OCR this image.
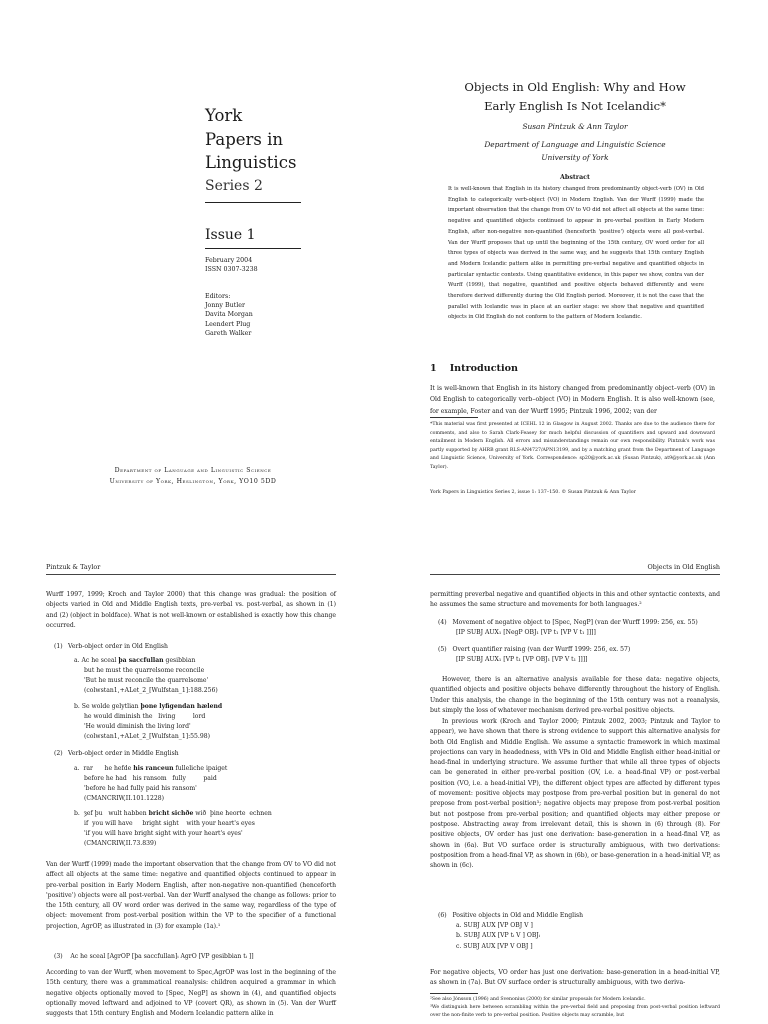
York
Papers in
Linguistics
Series 2
Issue 1
February 2004
ISSN 0307-3238
Editors:
Jonny Butler
Davita Morgan
Leendert Plug
Gareth Walker
Department of Language and Linguistic Science
University of York, Heslington, York, YO10 5DD
Objects in Old English: Why and How
Early English Is Not Icelandic*
Susan Pintzuk & Ann Taylor
Department of Language and Linguistic Science
University of York
Abstract
It is well-known that English in its history changed from predominantly object-verb (OV) in Old English to categorically verb-object (VO) in Modern English. Van der Wurff (1999) made the important observation that the change from OV to VO did not affect all objects at the same time: negative and quantified objects continued to appear in pre-verbal position in Early Modern English, after non-negative non-quantified (henceforth 'positive') objects were all post-verbal. Van der Wurff proposes that up until the beginning of the 15th century, OV word order for all three types of objects was derived in the same way, and he suggests that 15th century English and Modern Icelandic pattern alike in permitting pre-verbal negative and quantified objects in particular syntactic contexts. Using quantitative evidence, in this paper we show, contra van der Wurff (1999), that negative, quantified and positive objects behaved differently and were therefore derived differently during the Old English period. Moreover, it is not the case that the parallel with Icelandic was in place at an earlier stage: we show that negative and quantified objects in Old English do not conform to the pattern of Modern Icelandic.
1 Introduction
It is well-known that English in its history changed from predominantly object–verb (OV) in Old English to categorically verb–object (VO) in Modern English. It is also well-known (see, for example, Foster and van der Wurff 1995; Pintzuk 1996, 2002; van der
*This material was first presented at ICEHL 12 in Glasgow in August 2002. Thanks are due to the audience there for comments, and also to Sarah Clark-Feasey for much helpful discussion of quantifiers and upward and downward entailment in Modern English. All errors and misunderstandings remain our own responsibility. Pintzuk's work was partly supported by AHRB grant RLS-AN4727/APN13199, and by a matching grant from the Department of Language and Linguistic Science, University of York. Correspondence: sp20@york.ac.uk (Susan Pintzuk), at9@york.ac.uk (Ann Taylor).
York Papers in Linguistics Series 2, issue 1: 137–150. © Susan Pintzuk & Ann Taylor
Pintzuk & Taylor	Objects in Old English
Wurff 1997, 1999; Kroch and Taylor 2000) that this change was gradual: the position of objects varied in Old and Middle English texts, pre-verbal vs. post-verbal, as shown in (1) and (2) (object in boldface). What is not well-known or established is exactly how this change occurred.
(1) Verb-object order in Old English
a. Ac he sceal þa saccfullan gesibbian
but he must the quarrelsome reconcile
'But he must reconcile the quarrelsome'
(colwstan1,+ALet_2_[Wulfstan_1]:188.256)
b. Se wolde gelytlian þone lyfigendan hælend
he would diminish the   living         lord
'He would diminish the living lord'
(colwstan1,+ALet_2_[Wulfstan_1]:55.98)
(2) Verb-object order in Middle English
a.  rar      he hefde his ranceun fulleliche ipaiget
before he had   his ransom   fully         paid
'before he had fully paid his ransom'
(CMANCRIW,II.101.1228)
b.  ȝef þu   wult habben bricht sichðe wið  þine heorte  echnen
if  you will have     bright sight    with your heart's eyes
'if you will have bright sight with your heart's eyes'
(CMANCRIW,II.73.839)
Van der Wurff (1999) made the important observation that the change from OV to VO did not affect all objects at the same time: negative and quantified objects continued to appear in pre-verbal position in Early Modern English, after non-negative non-quantified (henceforth 'positive') objects were all post-verbal. Van der Wurff analysed the change as follows: prior to the 15th century, all OV word order was derived in the same way, regardless of the type of object: movement from post-verbal position within the VP to the specifier of a functional projection, AgrOP, as illustrated in (3) for example (1a).¹
(3)    Ac he sceal [AgrOP [þa saccfullan]ᵢ AgrO [VP gesibbian tᵢ ]]
According to van der Wurff, when movement to Spec,AgrOP was lost in the beginning of the 15th century, there was a grammatical reanalysis: children acquired a grammar in which negative objects optionally moved to [Spec, NegP] as shown in (4), and quantified objects optionally moved leftward and adjoined to VP (covert QR), as shown in (5). Van der Wurff suggests that 15th century English and Modern Icelandic pattern alike in
permitting preverbal negative and quantified objects in this and other syntactic contexts, and he assumes the same structure and movements for both languages.²
(4)   Movement of negative object to [Spec, NegP] (van der Wurff 1999: 256, ex. 55)
[IP SUBJ AUX₁ [NegP OBJ₁ [VP t₁ [VP V t₁ ]]]]
(5)   Overt quantifier raising (van der Wurff 1999: 256, ex. 57)
[IP SUBJ AUX₁ [VP t₁ [VP OBJ₁ [VP V t₁ ]]]]
However, there is an alternative analysis available for these data: negative objects, quantified objects and positive objects behave differently throughout the history of English. Under this analysis, the change in the beginning of the 15th century was not a reanalysis, but simply the loss of whatever mechanism derived pre-verbal positive objects.
In previous work (Kroch and Taylor 2000; Pintzuk 2002, 2003; Pintzuk and Taylor to appear), we have shown that there is strong evidence to support this alternative analysis for both Old English and Middle English. We assume a syntactic framework in which maximal projections can vary in headedness, with VPs in Old and Middle English either head-initial or head-final in underlying structure. We assume further that while all three types of objects can be generated in either pre-verbal position (OV, i.e. a head-final VP) or post-verbal position (VO, i.e. a head-initial VP), the different object types are affected by different types of movement: positive objects may postpose from pre-verbal position but in general do not prepose from post-verbal position³; negative objects may prepose from post-verbal position but not postpose from pre-verbal position; and quantified objects may either prepose or postpose. Abstracting away from irrelevant detail, this is shown in (6) through (8). For positive objects, OV order has just one derivation: base-generation in a head-final VP, as shown in (6a). But VO surface order is structurally ambiguous, with two derivations: postposition from a head-final VP, as shown in (6b), or base-generation in a head-initial VP, as shown in (6c).
(6)   Positive objects in Old and Middle English
a. SUBJ AUX [VP OBJ V ]
b. SUBJ AUX [VP tᵢ V ] OBJᵢ
c. SUBJ AUX [VP V OBJ ]
For negative objects, VO order has just one derivation: base-generation in a head-initial VP, as shown in (7a). But OV surface order is structurally ambiguous, with two deriva-
²See also Jónsson (1996) and Svenonius (2000) for similar proposals for Modern Icelandic.
³We distinguish here between scrambling within the pre-verbal field and preposing from post-verbal position leftward over the non-finite verb to pre-verbal position. Positive objects may scramble, but
